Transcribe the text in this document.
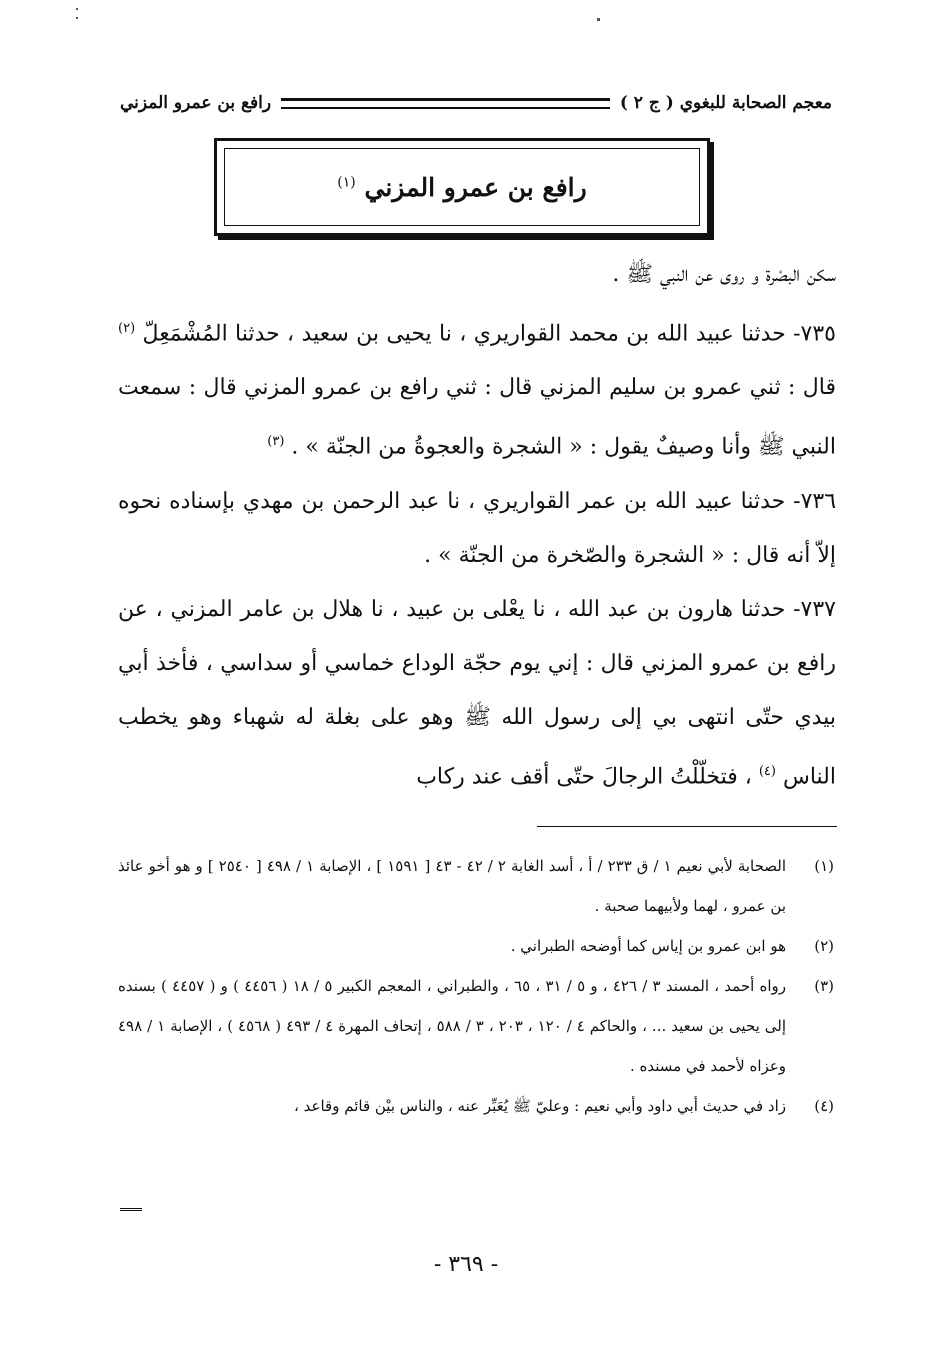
معجم الصحابة للبغوي ( ج ٢ )
رافع بن عمرو المزني
رافع بن عمرو المزني $^{(١)}$

سكن البصْرة و روى عن النبي ﷺ .

٧٣٥- حدثنا عبيد الله بن محمد القواريري ، نا يحيى بن سعيد ، حدثنا المُشْمَعِلّ $^{(٢)}$ قال : ثني عمرو بن سليم المزني قال : ثني رافع بن عمرو المزني قال : سمعت النبي ﷺ وأنا وصيفٌ يقول : « الشجرة والعجوةُ من الجنّة » . $^{(٣)}$

٧٣٦- حدثنا عبيد الله بن عمر القواريري ، نا عبد الرحمن بن مهدي بإسناده نحوه إلاّ أنه قال : « الشجرة والصّخرة من الجنّة » .

٧٣٧- حدثنا هارون بن عبد الله ، نا يعْلى بن عبيد ، نا هلال بن عامر المزني ، عن رافع بن عمرو المزني قال : إني يوم حجّة الوداع خماسي أو سداسي ، فأخذ أبي بيدي حتّى انتهى بي إلى رسول الله ﷺ وهو على بغلة له شهباء وهو يخطب الناس $^{(٤)}$ ، فتخلّلْتُ الرجالَ حتّى أقف عند ركاب

(١)
الصحابة لأبي نعيم ١ / ق ٢٣٣ / أ ، أسد الغابة ٢ / ٤٢ - ٤٣ [ ١٥٩١ ] ، الإصابة ١ / ٤٩٨ [ ٢٥٤٠ ] و هو أخو عائذ بن عمرو ، لهما ولأبيهما صحبة .
(٢)
هو ابن عمرو بن إياس كما أوضحه الطبراني .
(٣)
رواه أحمد ، المسند ٣ / ٤٢٦ ، و ٥ / ٣١ ، ٦٥ ، والطبراني ، المعجم الكبير ٥ / ١٨ ( ٤٤٥٦ ) و ( ٤٤٥٧ ) بسنده إلى يحيى بن سعيد ... ، والحاكم ٤ / ١٢٠ ، ٢٠٣ ، ٣ / ٥٨٨ ، إتحاف المهرة ٤ / ٤٩٣ ( ٤٥٦٨ ) ، الإصابة ١ / ٤٩٨ وعزاه لأحمد في مسنده .
(٤)
زاد في حديث أبي داود وأبي نعيم : وعليّ ﷺ يُعَبِّر عنه ، والناس بيْن قائم وقاعد ،
- ٣٦٩ -
